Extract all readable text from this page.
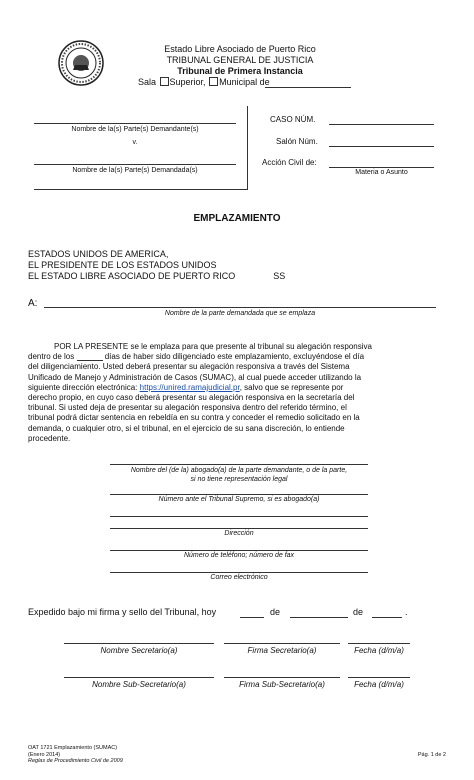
Estado Libre Asociado de Puerto Rico
TRIBUNAL GENERAL DE JUSTICIA
Tribunal de Primera Instancia
Sala Superior, Municipal de
Nombre de la(s) Parte(s) Demandante(s)
v.
Nombre de la(s) Parte(s) Demandada(s)
CASO NÚM.
Salón Núm.
Acción Civil de:
Materia o Asunto
EMPLAZAMIENTO
ESTADOS UNIDOS DE AMERICA,
EL PRESIDENTE DE LOS ESTADOS UNIDOS
EL ESTADO LIBRE ASOCIADO DE PUERTO RICO	SS
A:
Nombre de la parte demandada que se emplaza

POR LA PRESENTE se le emplaza para que presente al tribunal su alegación responsiva

dentro de los	días de haber sido diligenciado este emplazamiento, excluyéndose el día

del diligenciamiento. Usted deberá presentar su alegación responsiva a través del Sistema

Unificado de Manejo y Administración de Casos (SUMAC), al cual puede acceder utilizando la

siguiente dirección electrónica: https://unired.ramajudicial.pr, salvo que se represente por

derecho propio, en cuyo caso deberá presentar su alegación responsiva en la secretaría del

tribunal. Si usted deja de presentar su alegación responsiva dentro del referido término, el

tribunal podrá dictar sentencia en rebeldía en su contra y conceder el remedio solicitado en la

demanda, o cualquier otro, si el tribunal, en el ejercicio de su sana discreción, lo entiende

procedente.

Nombre del (de la) abogado(a) de la parte demandante, o de la parte,
si no tiene representación legal
Número ante el Tribunal Supremo, si es abogado(a)
Dirección
Número de teléfono; número de fax
Correo electrónico
Expedido bajo mi firma y sello del Tribunal, hoy	de	de	.
Nombre Secretario(a)	Firma Secretario(a)	Fecha (d/m/a)
Nombre Sub-Secretario(a)	Firma Sub-Secretario(a)	Fecha (d/m/a)
OAT 1721 Emplazamiento (SUMAC)
(Enero 2014)
Reglas de Procedimiento Civil de 2009
Pág. 1 de 2
